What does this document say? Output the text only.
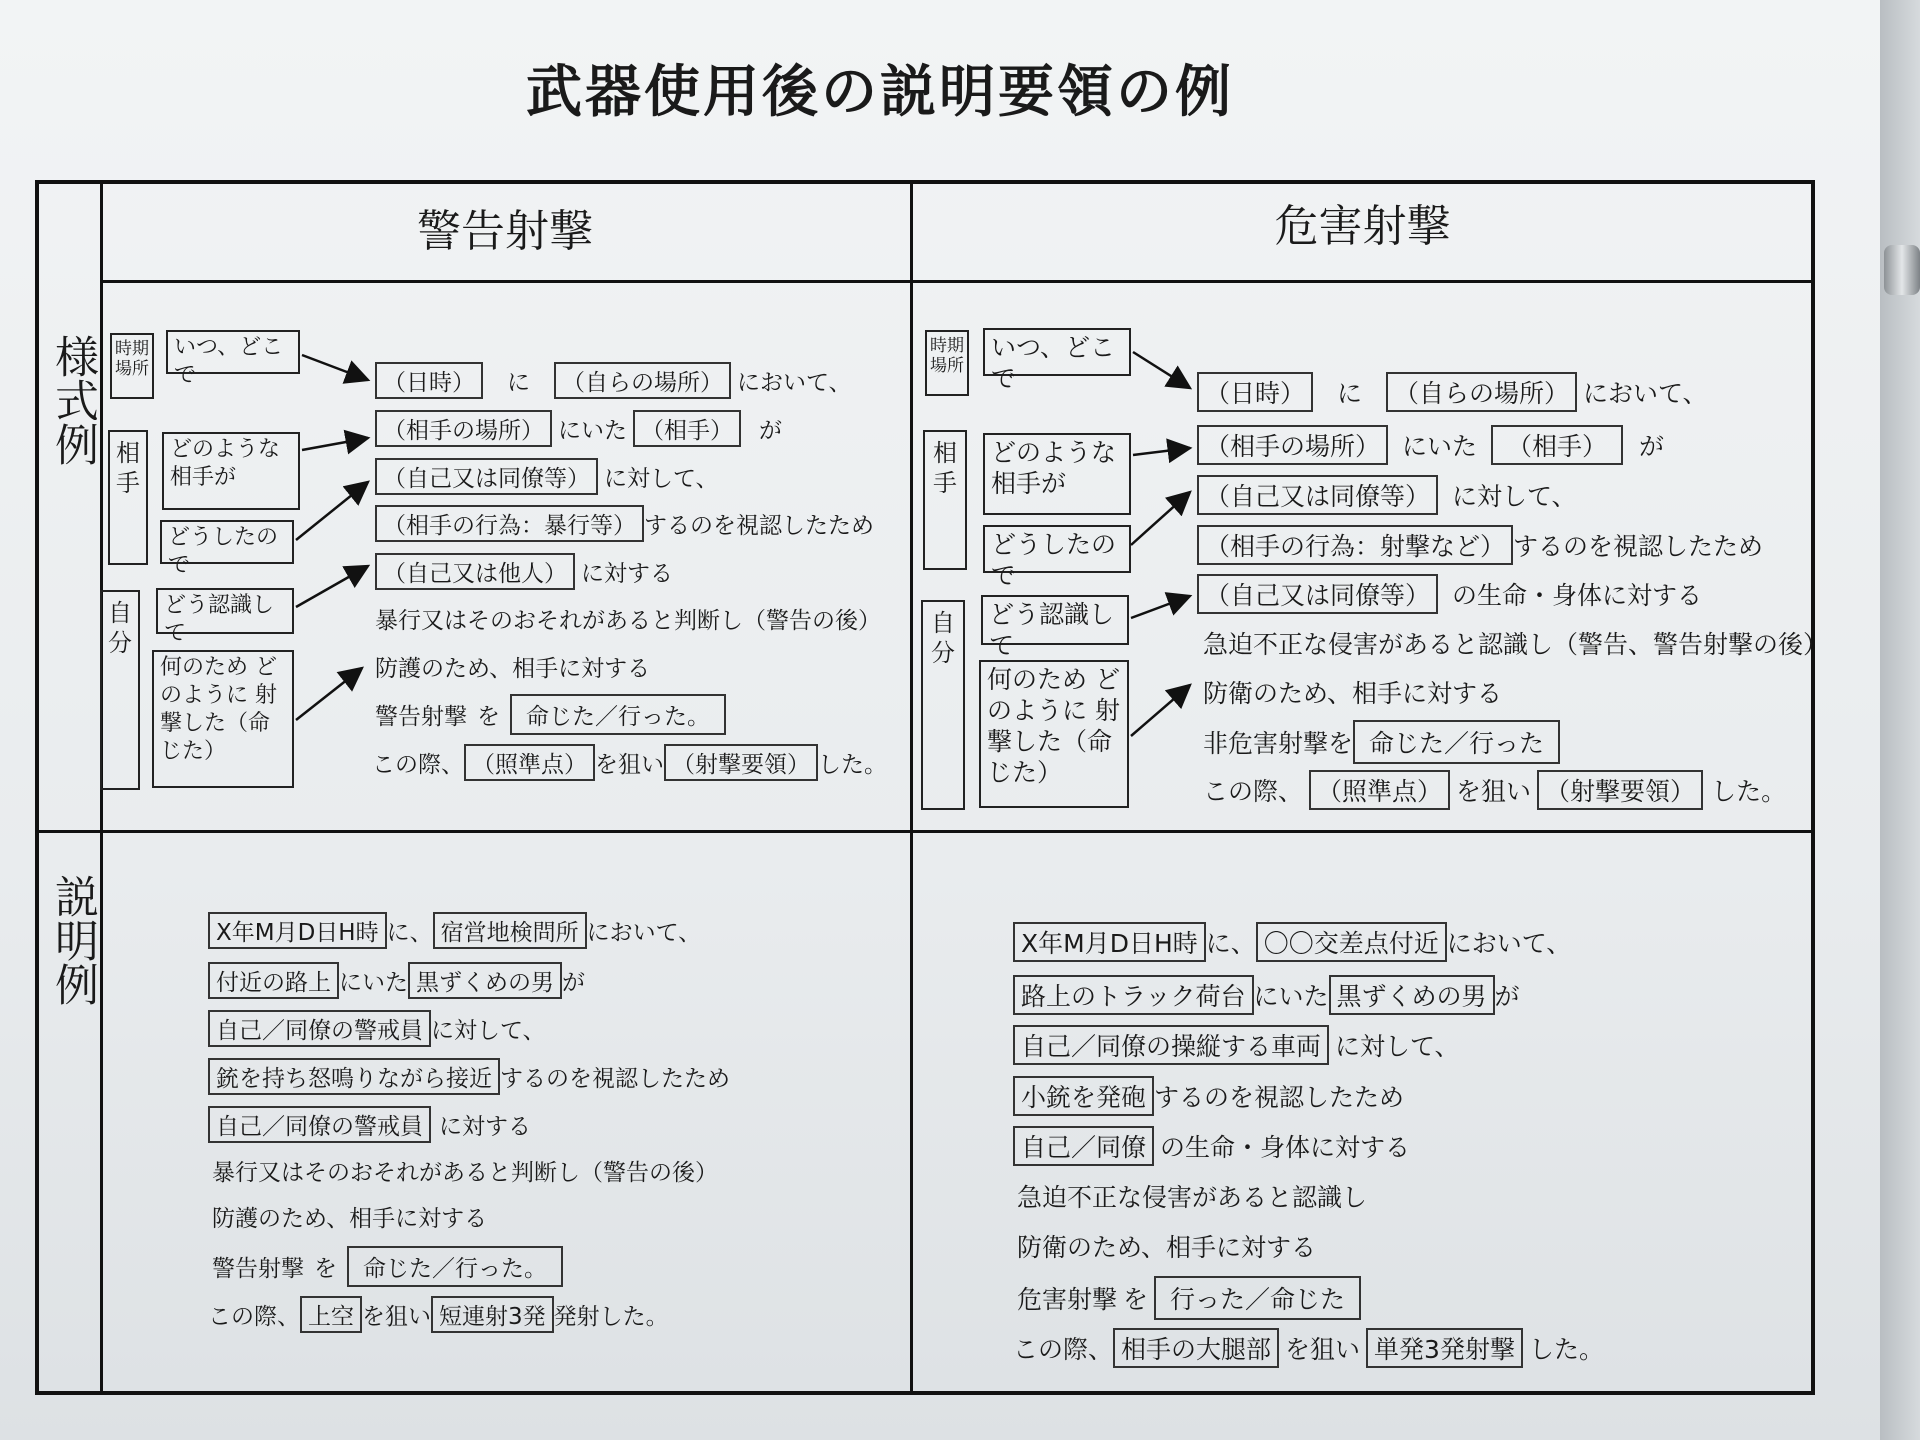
武器使用後の説明要領の例
警告射撃	危害射撃
様式例
説明例
時期場所
相手
自分
いつ、どこで
どのような相手が
どうしたので
どう認識して
何のため どのように 射撃した（命じた）
（日時）	に	（自らの場所） において、
（相手の場所） にいた （相手）	が
（自己又は同僚等） に対して、
（相手の行為：暴行等） するのを視認したため
（自己又は他人） に対する
暴行又はそのおそれがあると判断し（警告の後）
防護のため、相手に対する
警告射撃 を	命じた／行った。
この際、 （照準点） を狙い （射撃要領） した。
時期場所
相手
自分
いつ、どこで
どのような相手が
どうしたので
どう認識して
何のため どのように 射撃した（命じた）
（日時）	に	（自らの場所） において、
（相手の場所） にいた	（相手）	が
（自己又は同僚等） に対して、
（相手の行為：射撃など） するのを視認したため
（自己又は同僚等） の生命・身体に対する
急迫不正な侵害があると認識し（警告、警告射撃の後）
防衛のため、相手に対する
非危害射撃を 命じた／行った
この際、 （照準点） を狙い （射撃要領） した。
X年M月D日H時 に、 宿営地検問所 において、
付近の路上 にいた 黒ずくめの男 が
自己／同僚の警戒員 に対して、
銃を持ち怒鳴りながら接近 するのを視認したため
自己／同僚の警戒員 に対する
暴行又はそのおそれがあると判断し（警告の後）
防護のため、相手に対する
警告射撃 を	命じた／行った。
この際、 上空 を狙い 短連射3発 発射した。
X年M月D日H時 に、 〇〇交差点付近 において、
路上のトラック荷台 にいた 黒ずくめの男 が
自己／同僚の操縦する車両 に対して、
小銃を発砲 するのを視認したため
自己／同僚 の生命・身体に対する
急迫不正な侵害があると認識し
防衛のため、相手に対する
危害射撃 を 行った／命じた
この際、 相手の大腿部 を狙い 単発3発射撃 した。
